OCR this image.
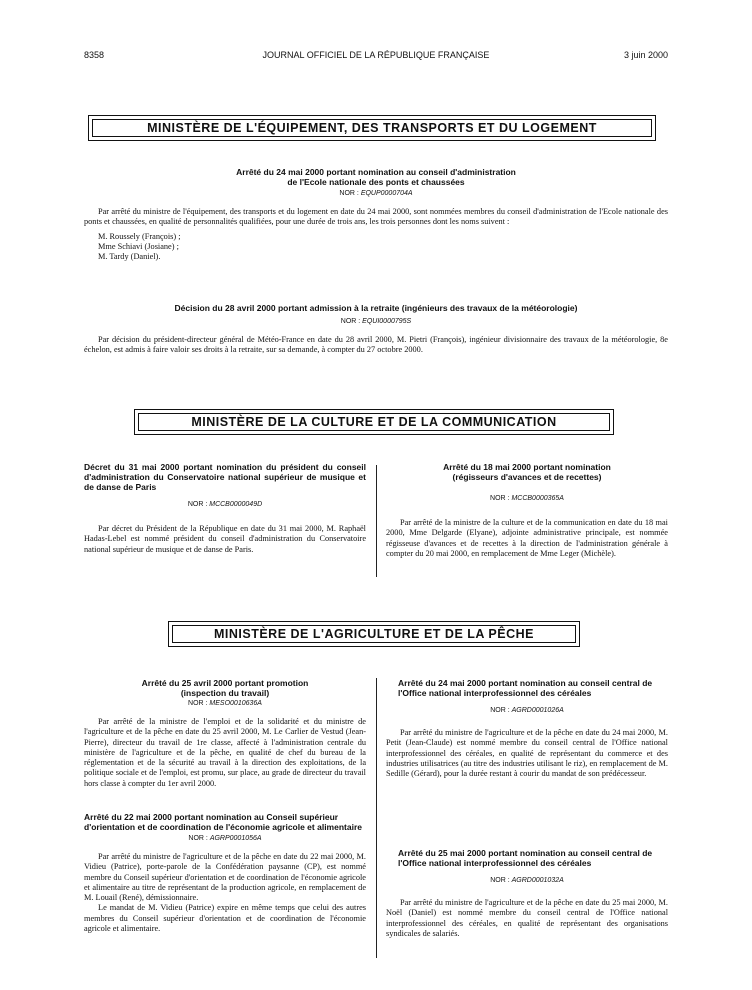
8358	JOURNAL OFFICIEL DE LA RÉPUBLIQUE FRANÇAISE	3 juin 2000
MINISTÈRE DE L'ÉQUIPEMENT, DES TRANSPORTS ET DU LOGEMENT
Arrêté du 24 mai 2000 portant nomination au conseil d'administration
de l'Ecole nationale des ponts et chaussées
NOR : EQUP0000704A

Par arrêté du ministre de l'équipement, des transports et du logement en date du 24 mai 2000, sont nommées membres du conseil d'administration de l'Ecole nationale des ponts et chaussées, en qualité de personnalités qualifiées, pour une durée de trois ans, les trois personnes dont les noms suivent :

M. Roussely (François) ;

Mme Schiavi (Josiane) ;

M. Tardy (Daniel).

Décision du 28 avril 2000 portant admission à la retraite (ingénieurs des travaux de la météorologie)
NOR : EQUI0000795S

Par décision du président-directeur général de Météo-France en date du 28 avril 2000, M. Pietri (François), ingénieur divisionnaire des travaux de la météorologie, 8e échelon, est admis à faire valoir ses droits à la retraite, sur sa demande, à compter du 27 octobre 2000.

MINISTÈRE DE LA CULTURE ET DE LA COMMUNICATION
Décret du 31 mai 2000 portant nomination du président du conseil d'administration du Conservatoire national supérieur de musique et de danse de Paris
NOR : MCCB0000049D

Par décret du Président de la République en date du 31 mai 2000, M. Raphaël Hadas-Lebel est nommé président du conseil d'administration du Conservatoire national supérieur de musique et de danse de Paris.

Arrêté du 18 mai 2000 portant nomination
(régisseurs d'avances et de recettes)
NOR : MCCB0000365A

Par arrêté de la ministre de la culture et de la communication en date du 18 mai 2000, Mme Delgarde (Elyane), adjointe administrative principale, est nommée régisseuse d'avances et de recettes à la direction de l'administration générale à compter du 20 mai 2000, en remplacement de Mme Leger (Michèle).

MINISTÈRE DE L'AGRICULTURE ET DE LA PÊCHE
Arrêté du 25 avril 2000 portant promotion
(inspection du travail)
NOR : MESO0010636A

Par arrêté de la ministre de l'emploi et de la solidarité et du ministre de l'agriculture et de la pêche en date du 25 avril 2000, M. Le Carlier de Vestud (Jean-Pierre), directeur du travail de 1re classe, affecté à l'administration centrale du ministère de l'agriculture et de la pêche, en qualité de chef du bureau de la réglementation et de la sécurité au travail à la direction des exploitations, de la politique sociale et de l'emploi, est promu, sur place, au grade de directeur du travail hors classe à compter du 1er avril 2000.

Arrêté du 22 mai 2000 portant nomination au Conseil supérieur d'orientation et de coordination de l'économie agricole et alimentaire
NOR : AGRP0001056A

Par arrêté du ministre de l'agriculture et de la pêche en date du 22 mai 2000, M. Vidieu (Patrice), porte-parole de la Confédération paysanne (CP), est nommé membre du Conseil supérieur d'orientation et de coordination de l'économie agricole et alimentaire au titre de représentant de la production agricole, en remplacement de M. Louail (René), démissionnaire.

Le mandat de M. Vidieu (Patrice) expire en même temps que celui des autres membres du Conseil supérieur d'orientation et de coordination de l'économie agricole et alimentaire.

Arrêté du 24 mai 2000 portant nomination au conseil central de l'Office national interprofessionnel des céréales
NOR : AGRD0001026A

Par arrêté du ministre de l'agriculture et de la pêche en date du 24 mai 2000, M. Petit (Jean-Claude) est nommé membre du conseil central de l'Office national interprofessionnel des céréales, en qualité de représentant du commerce et des industries utilisatrices (au titre des industries utilisant le riz), en remplacement de M. Sedille (Gérard), pour la durée restant à courir du mandat de son prédécesseur.

Arrêté du 25 mai 2000 portant nomination au conseil central de l'Office national interprofessionnel des céréales
NOR : AGRD0001032A

Par arrêté du ministre de l'agriculture et de la pêche en date du 25 mai 2000, M. Noël (Daniel) est nommé membre du conseil central de l'Office national interprofessionnel des céréales, en qualité de représentant des organisations syndicales de salariés.
